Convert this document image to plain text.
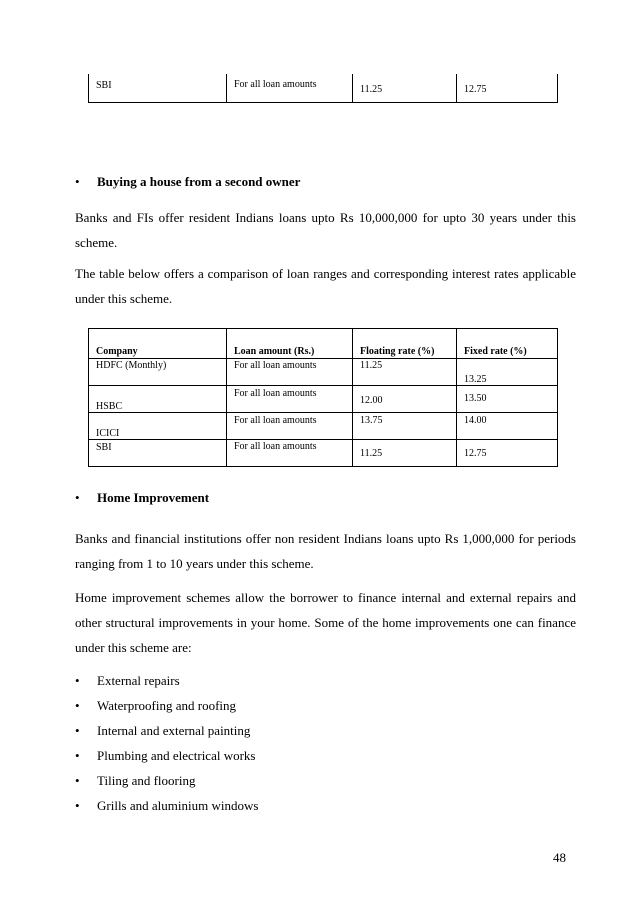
SBI	For all loan amounts	11.25	12.75
• Buying a house from a second owner

Banks and FIs offer resident Indians loans upto Rs 10,000,000 for upto 30 years under this scheme.

The table below offers a comparison of loan ranges and corresponding interest rates applicable under this scheme.

Company	Loan amount (Rs.)	Floating rate (%)	Fixed rate (%)

HDFC (Monthly)	For all loan amounts	11.25	13.25

HSBC	For all loan amounts	12.00	13.50

ICICI	For all loan amounts	13.75	14.00

SBI	For all loan amounts	11.25	12.75
• Home Improvement

Banks and financial institutions offer non resident Indians loans upto Rs 1,000,000 for periods ranging from 1 to 10 years under this scheme.

Home improvement schemes allow the borrower to finance internal and external repairs and other structural improvements in your home. Some of the home improvements one can finance under this scheme are:

• External repairs
• Waterproofing and roofing
• Internal and external painting
• Plumbing and electrical works
• Tiling and flooring
• Grills and aluminium windows
48
